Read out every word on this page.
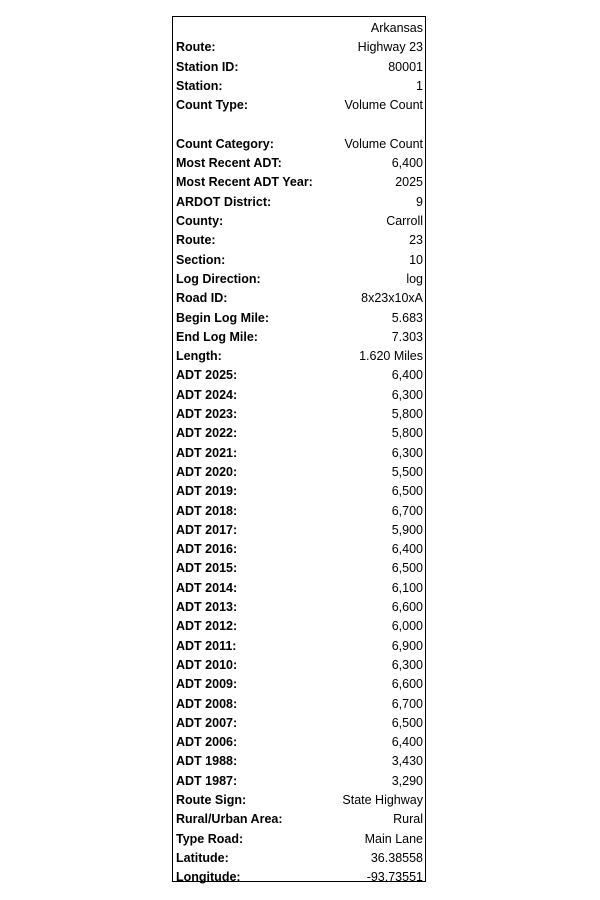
Arkansas
Route:	Highway 23
Station ID:	80001
Station:	1
Count Type:	Volume Count
Count Category:	Volume Count
Most Recent ADT:	6,400
Most Recent ADT Year:	2025
ARDOT District:	9
County:	Carroll
Route:	23
Section:	10
Log Direction:	log
Road ID:	8x23x10xA
Begin Log Mile:	5.683
End Log Mile:	7.303
Length:	1.620 Miles
ADT 2025:	6,400
ADT 2024:	6,300
ADT 2023:	5,800
ADT 2022:	5,800
ADT 2021:	6,300
ADT 2020:	5,500
ADT 2019:	6,500
ADT 2018:	6,700
ADT 2017:	5,900
ADT 2016:	6,400
ADT 2015:	6,500
ADT 2014:	6,100
ADT 2013:	6,600
ADT 2012:	6,000
ADT 2011:	6,900
ADT 2010:	6,300
ADT 2009:	6,600
ADT 2008:	6,700
ADT 2007:	6,500
ADT 2006:	6,400
ADT 1988:	3,430
ADT 1987:	3,290
Route Sign:	State Highway
Rural/Urban Area:	Rural
Type Road:	Main Lane
Latitude:	36.38558
Longitude:	-93.73551
